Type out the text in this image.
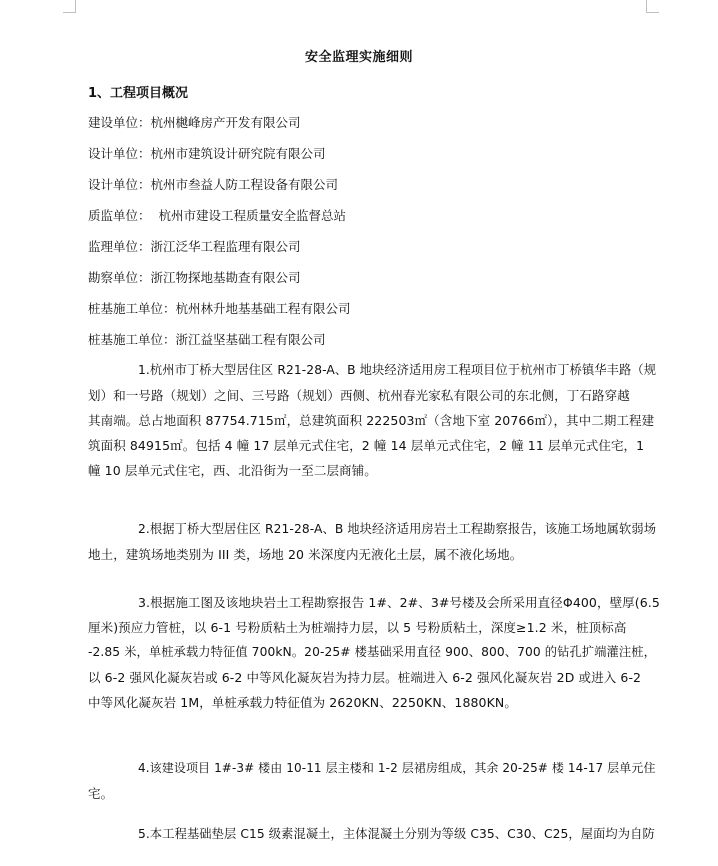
安全监理实施细则
1、工程项目概况
建设单位：杭州樾峰房产开发有限公司
设计单位：杭州市建筑设计研究院有限公司
设计单位：杭州市叁益人防工程设备有限公司
质监单位：  杭州市建设工程质量安全监督总站
监理单位：浙江泛华工程监理有限公司
勘察单位：浙江物探地基勘查有限公司
桩基施工单位：杭州林升地基基础工程有限公司
桩基施工单位：浙江益坚基础工程有限公司
1.杭州市丁桥大型居住区 R21-28-A、B 地块经济适用房工程项目位于杭州市丁桥镇华丰路（规
划）和一号路（规划）之间、三号路（规划）西侧、杭州春光家私有限公司的东北侧，丁石路穿越
其南端。总占地面积 87754.715㎡，总建筑面积 222503㎡（含地下室 20766㎡），其中二期工程建
筑面积 84915㎡。包括 4 幢 17 层单元式住宅，2 幢 14 层单元式住宅，2 幢 11 层单元式住宅，1
幢 10 层单元式住宅，西、北沿街为一至二层商铺。
2.根据丁桥大型居住区 R21-28-A、B 地块经济适用房岩土工程勘察报告，该施工场地属软弱场
地土，建筑场地类别为 III 类，场地 20 米深度内无液化土层，属不液化场地。
3.根据施工图及该地块岩土工程勘察报告 1#、2#、3#号楼及会所采用直径Φ400，壁厚(6.5
厘米)预应力管桩，以 6-1 号粉质粘土为桩端持力层，以 5 号粉质粘土，深度≥1.2 米，桩顶标高
-2.85 米，单桩承载力特征值 700kN。20-25# 楼基础采用直径 900、800、700 的钻孔扩端灌注桩，
以 6-2 强风化凝灰岩或 6-2 中等风化凝灰岩为持力层。桩端进入 6-2 强风化凝灰岩 2D 或进入 6-2
中等风化凝灰岩 1M，单桩承载力特征值为 2620KN、2250KN、1880KN。
4.该建设项目 1#-3# 楼由 10-11 层主楼和 1-2 层裙房组成，其余 20-25# 楼 14-17 层单元住
宅。
5.本工程基础垫层 C15 级素混凝土，主体混凝土分别为等级 C35、C30、C25，屋面均为自防
